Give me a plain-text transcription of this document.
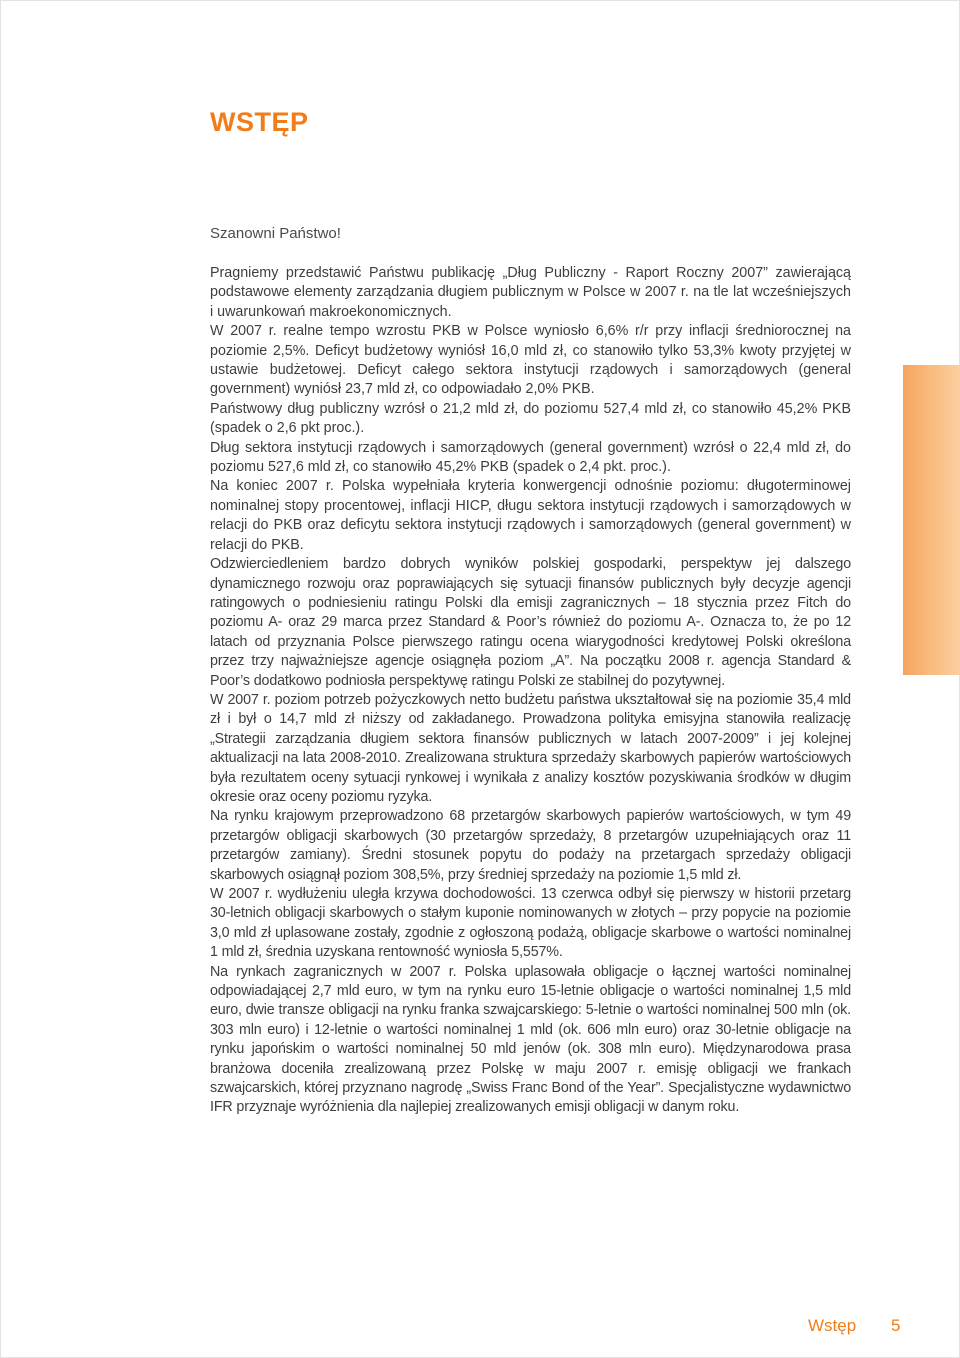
WSTĘP

Szanowni Państwo!

Pragniemy przedstawić Państwu publikację „Dług Publiczny - Raport Roczny 2007” zawierającą podstawowe elementy zarządzania długiem publicznym w Polsce w 2007 r. na tle lat wcześniejszych i uwarunkowań makroekonomicznych.

W 2007 r. realne tempo wzrostu PKB w Polsce wyniosło 6,6% r/r przy inflacji średniorocznej na poziomie 2,5%. Deficyt budżetowy wyniósł 16,0 mld zł, co stanowiło tylko 53,3% kwoty przyjętej w ustawie budżetowej. Deficyt całego sektora instytucji rządowych i samorządowych (general government) wyniósł 23,7 mld zł, co odpowiadało 2,0% PKB.

Państwowy dług publiczny wzrósł o 21,2 mld zł, do poziomu 527,4 mld zł, co stanowiło 45,2% PKB (spadek o 2,6 pkt proc.).

Dług sektora instytucji rządowych i samorządowych (general government) wzrósł o 22,4 mld zł, do poziomu 527,6 mld zł, co stanowiło 45,2% PKB (spadek o 2,4 pkt. proc.).

Na koniec 2007 r. Polska wypełniała kryteria konwergencji odnośnie poziomu: długoterminowej nominalnej stopy procentowej, inflacji HICP, długu sektora instytucji rządowych i samorządowych w relacji do PKB oraz deficytu sektora instytucji rządowych i samorządowych (general government) w relacji do PKB.

Odzwierciedleniem bardzo dobrych wyników polskiej gospodarki, perspektyw jej dalszego dynamicznego rozwoju oraz poprawiających się sytuacji finansów publicznych były decyzje agencji ratingowych o podniesieniu ratingu Polski dla emisji zagranicznych – 18 stycznia przez Fitch do poziomu A- oraz 29 marca przez Standard & Poor’s również do poziomu A-. Oznacza to, że po 12 latach od przyznania Polsce pierwszego ratingu ocena wiarygodności kredytowej Polski określona przez trzy najważniejsze agencje osiągnęła poziom „A”. Na początku 2008 r. agencja Standard & Poor’s dodatkowo podniosła perspektywę ratingu Polski ze stabilnej do pozytywnej.

W 2007 r. poziom potrzeb pożyczkowych netto budżetu państwa ukształtował się na poziomie 35,4 mld zł i był o 14,7 mld zł niższy od zakładanego. Prowadzona polityka emisyjna stanowiła realizację „Strategii zarządzania długiem sektora finansów publicznych w latach 2007-2009” i jej kolejnej aktualizacji na lata 2008-2010. Zrealizowana struktura sprzedaży skarbowych papierów wartościowych była rezultatem oceny sytuacji rynkowej i wynikała z analizy kosztów pozyskiwania środków w długim okresie oraz oceny poziomu ryzyka.

Na rynku krajowym przeprowadzono 68 przetargów skarbowych papierów wartościowych, w tym 49 przetargów obligacji skarbowych (30 przetargów sprzedaży, 8 przetargów uzupełniających oraz 11 przetargów zamiany). Średni stosunek popytu do podaży na przetargach sprzedaży obligacji skarbowych osiągnął poziom 308,5%, przy średniej sprzedaży na poziomie 1,5 mld zł.

W 2007 r. wydłużeniu uległa krzywa dochodowości. 13 czerwca odbył się pierwszy w historii przetarg 30-letnich obligacji skarbowych o stałym kuponie nominowanych w złotych – przy popycie na poziomie 3,0 mld zł uplasowane zostały, zgodnie z ogłoszoną podażą, obligacje skarbowe o wartości nominalnej 1 mld zł, średnia uzyskana rentowność wyniosła 5,557%.

Na rynkach zagranicznych w 2007 r. Polska uplasowała obligacje o łącznej wartości nominalnej odpowiadającej 2,7 mld euro, w tym na rynku euro 15-letnie obligacje o wartości nominalnej 1,5 mld euro, dwie transze obligacji na rynku franka szwajcarskiego: 5-letnie o wartości nominalnej 500 mln (ok. 303 mln euro) i 12-letnie o wartości nominalnej 1 mld (ok. 606 mln euro) oraz 30-letnie obligacje na rynku japońskim o wartości nominalnej 50 mld jenów (ok. 308 mln euro). Międzynarodowa prasa branżowa doceniła zrealizowaną przez Polskę w maju 2007 r. emisję obligacji we frankach szwajcarskich, której przyznano nagrodę „Swiss Franc Bond of the Year”. Specjalistyczne wydawnictwo IFR przyznaje wyróżnienia dla najlepiej zrealizowanych emisji obligacji w danym roku.

Wstęp 5
